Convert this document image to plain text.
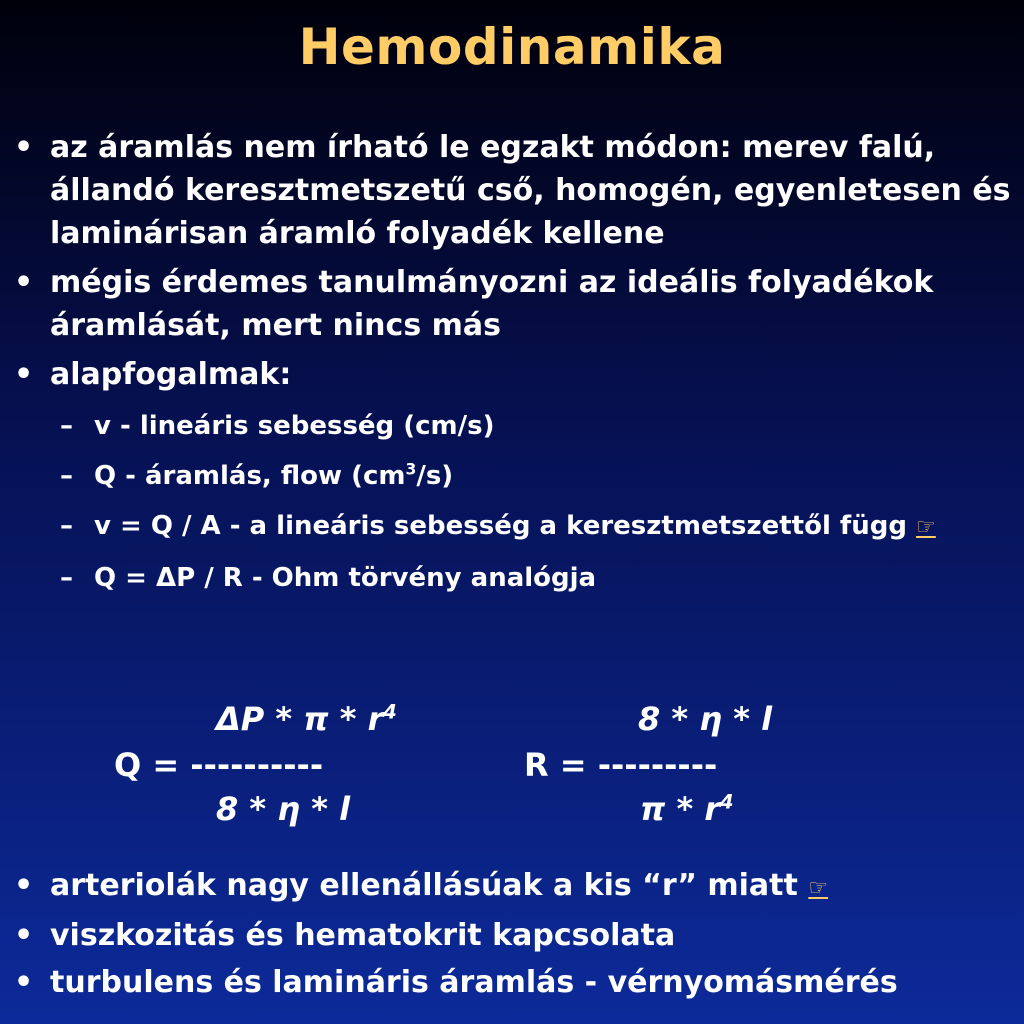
Hemodinamika
• az áramlás nem írható le egzakt módon: merev falú, állandó keresztmetszetű cső, homogén, egyenletesen és laminárisan áramló folyadék kellene
• mégis érdemes tanulmányozni az ideális folyadékok áramlását, mert nincs más
• alapfogalmak:
– v - lineáris sebesség (cm/s)
– Q - áramlás, flow $(cm^3/s)$
– v = Q / A - a lineáris sebesség a keresztmetszettől függ ☞
– Q = ΔP / R - Ohm törvény analógja
ΔP * π * $r^4$
Q = ----------
8 * η * l
8 * η * l
R = ---------
π * $r^4$
• arteriolák nagy ellenállásúak a kis “r” miatt ☞
• viszkozitás és hematokrit kapcsolata
• turbulens és lamináris áramlás - vérnyomásmérés
